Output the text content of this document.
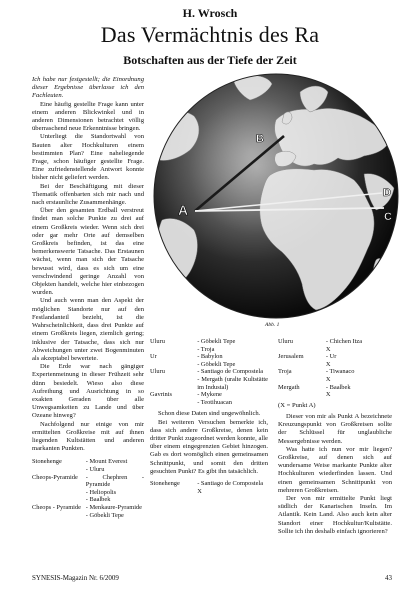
H. Wrosch
Das Vermächtnis des Ra
Botschaften aus der Tiefe der Zeit

Ich habe nur festgestellt; die Einordnung dieser Ergebnisse überlasse ich den Fachleuten.

Eine häufig gestellte Frage kann unter einem anderen Blickwinkel und in anderen Dimensionen betrachtet völlig überraschend neue Erkenntnisse bringen.

Unterliegt die Standortwahl von Bauten alter Hochkulturen einem bestimmten Plan? Eine naheliegende Frage, schon häufiger gestellte Frage. Eine zufriedenstellende Antwort konnte bisher nicht geliefert werden.

Bei der Beschäftigung mit dieser Thematik offenbarten sich mir nach und nach erstaunliche Zusammenhänge.

Über den gesamten Erdball verstreut findet man solche Punkte zu drei auf einem Großkreis wieder. Wenn sich drei oder gar mehr Orte auf demselben Großkreis befinden, ist das eine bemerkenswerte Tatsache. Das Erstaunen wächst, wenn man sich der Tatsache bewusst wird, dass es sich um eine verschwindend geringe Anzahl von Objekten handelt, welche hier einbezogen wurden.

Und auch wenn man den Aspekt der möglichen Standorte nur auf den Festlandanteil bezieht, ist die Wahrscheinlichkeit, dass drei Punkte auf einem Großkreis liegen, ziemlich gering; inklusive der Tatsache, dass sich nur Abweichungen unter zwei Bogenminuten als akzeptabel bewertete.

Die Erde war nach gängiger Expertenmeinung in dieser Frühzeit sehr dünn besiedelt. Wieso also diese Aufreihung und Ausrichtung in so exakten Geraden über alle Unwegsamkeiten zu Lande und über Ozeane hinweg?

Nachfolgend nur einige von mir ermittelten Großkreise mit auf ihnen liegenden Kultstätten und anderen markanten Punkten.

Stonehenge	- Mount Everest
	- Uluru
Cheops-Pyramide	- Chephren - Pyramide
	- Heliopolis
	- Baalbek
Cheops - Pyramide	- Menkaure-Pyramide
	- Göbekli Tepe
A
B
C
D
Abb. 1
Uluru	- Göbekli Tepe
	- Troja
Ur	- Babylon
	- Göbekli Tepe
Uluru	- Santiago de Compostela
	- Mergath (uralte Kultstätte im Industal)
Gavrinis	- Mykene
	- Teotihuacan

Schon diese Daten sind ungewöhnlich.

Bei weiteren Versuchen bemerkte ich, dass sich andere Großkreise, denen kein dritter Punkt zugeordnet werden konnte, alle über einem eingegrenzten Gebiet hinzogen. Gab es dort womöglich einen gemeinsamen Schnittpunkt, und somit den dritten gesuchten Punkt? Es gibt ihn tatsächlich.

Stonehenge	- Santiago de Compostela
	X
Uluru	- Chichen Itza
	X
Jerusalem	- Ur
	X
Troja	- Tiwanaco
	X
Mergath	- Baalbek
	X

(X = Punkt A)

Dieser von mir als Punkt A bezeichnete Kreuzungspunkt von Großkreisen sollte der Schlüssel für unglaubliche Messergebnisse werden.

Was hatte ich nun vor mir liegen? Großkreise, auf denen sich auf wundersame Weise markante Punkte alter Hochkulturen wiederfinden lassen. Und einen gemeinsamen Schnittpunkt von mehreren Großkreisen.

Der von mir ermittelte Punkt liegt südlich der Kanarischen Inseln. Im Atlantik. Kein Land. Also auch kein alter Standort einer Hochkultur/Kultstätte. Sollte ich ihn deshalb einfach ignorieren?

SYNESIS-Magazin Nr. 6/2009	43
